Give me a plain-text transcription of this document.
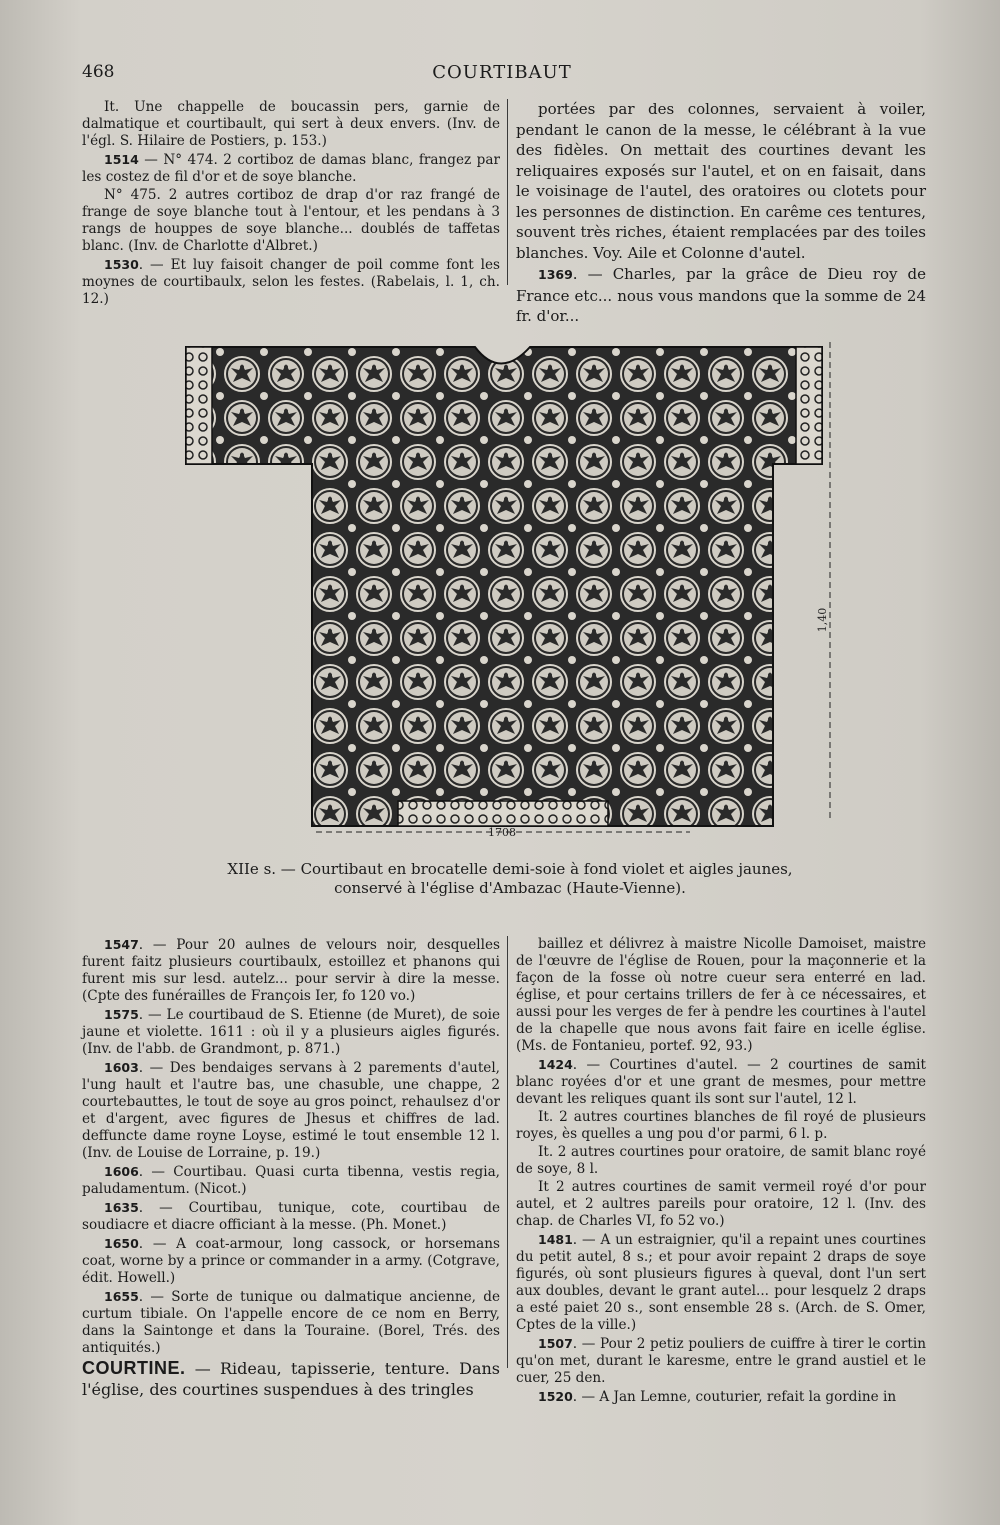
468	COURTIBAUT

It. Une chappelle de boucassin pers, garnie de dalmatique et courtibault, qui sert à deux envers. (Inv. de l'égl. S. Hilaire de Postiers, p. 153.)

1514 — N° 474. 2 cortiboz de damas blanc, frangez par les costez de fil d'or et de soye blanche.

N° 475. 2 autres cortiboz de drap d'or raz frangé de frange de soye blanche tout à l'entour, et les pendans à 3 rangs de houppes de soye blanche... doublés de taffetas blanc. (Inv. de Charlotte d'Albret.)

1530. — Et luy faisoit changer de poil comme font les moynes de courtibaulx, selon les festes. (Rabelais, l. 1, ch. 12.)

portées par des colonnes, servaient à voiler, pendant le canon de la messe, le célébrant à la vue des fidèles. On mettait des courtines devant les reliquaires exposés sur l'autel, et on en faisait, dans le voisinage de l'autel, des oratoires ou clotets pour les personnes de distinction. En carême ces tentures, souvent très riches, étaient remplacées par des toiles blanches. Voy. Aile et Colonne d'autel.

1369. — Charles, par la grâce de Dieu roy de France etc... nous vous mandons que la somme de 24 fr. d'or...

1708
1,40
XIIe s. — Courtibaut en brocatelle demi-soie à fond violet et aigles jaunes,
conservé à l'église d'Ambazac (Haute-Vienne).

1547. — Pour 20 aulnes de velours noir, desquelles furent faitz plusieurs courtibaulx, estoillez et phanons qui furent mis sur lesd. autelz... pour servir à dire la messe. (Cpte des funérailles de François Ier, fo 120 vo.)

1575. — Le courtibaud de S. Etienne (de Muret), de soie jaune et violette. 1611 : où il y a plusieurs aigles figurés. (Inv. de l'abb. de Grandmont, p. 871.)

1603. — Des bendaiges servans à 2 parements d'autel, l'ung hault et l'autre bas, une chasuble, une chappe, 2 courtebauttes, le tout de soye au gros poinct, rehaulsez d'or et d'argent, avec figures de Jhesus et chiffres de lad. deffuncte dame royne Loyse, estimé le tout ensemble 12 l. (Inv. de Louise de Lorraine, p. 19.)

1606. — Courtibau. Quasi curta tibenna, vestis regia, paludamentum. (Nicot.)

1635. — Courtibau, tunique, cote, courtibau de soudiacre et diacre officiant à la messe. (Ph. Monet.)

1650. — A coat-armour, long cassock, or horsemans coat, worne by a prince or commander in a army. (Cotgrave, édit. Howell.)

1655. — Sorte de tunique ou dalmatique ancienne, de curtum tibiale. On l'appelle encore de ce nom en Berry, dans la Saintonge et dans la Touraine. (Borel, Trés. des antiquités.)

COURTINE. — Rideau, tapisserie, tenture. Dans l'église, des courtines suspendues à des tringles

baillez et délivrez à maistre Nicolle Damoiset, maistre de l'œuvre de l'église de Rouen, pour la maçonnerie et la façon de la fosse où notre cueur sera enterré en lad. église, et pour certains trillers de fer à ce nécessaires, et aussi pour les verges de fer à pendre les courtines à l'autel de la chapelle que nous avons fait faire en icelle église. (Ms. de Fontanieu, portef. 92, 93.)

1424. — Courtines d'autel. — 2 courtines de samit blanc royées d'or et une grant de mesmes, pour mettre devant les reliques quant ils sont sur l'autel, 12 l.

It. 2 autres courtines blanches de fil royé de plusieurs royes, ès quelles a ung pou d'or parmi, 6 l. p.

It. 2 autres courtines pour oratoire, de samit blanc royé de soye, 8 l.

It 2 autres courtines de samit vermeil royé d'or pour autel, et 2 aultres pareils pour oratoire, 12 l. (Inv. des chap. de Charles VI, fo 52 vo.)

1481. — A un estraignier, qu'il a repaint unes courtines du petit autel, 8 s.; et pour avoir repaint 2 draps de soye figurés, où sont plusieurs figures à queval, dont l'un sert aux doubles, devant le grant autel... pour lesquelz 2 draps a esté paiet 20 s., sont ensemble 28 s. (Arch. de S. Omer, Cptes de la ville.)

1507. — Pour 2 petiz pouliers de cuiffre à tirer le cortin qu'on met, durant le karesme, entre le grand austiel et le cuer, 25 den.

1520. — A Jan Lemne, couturier, refait la gordine in
